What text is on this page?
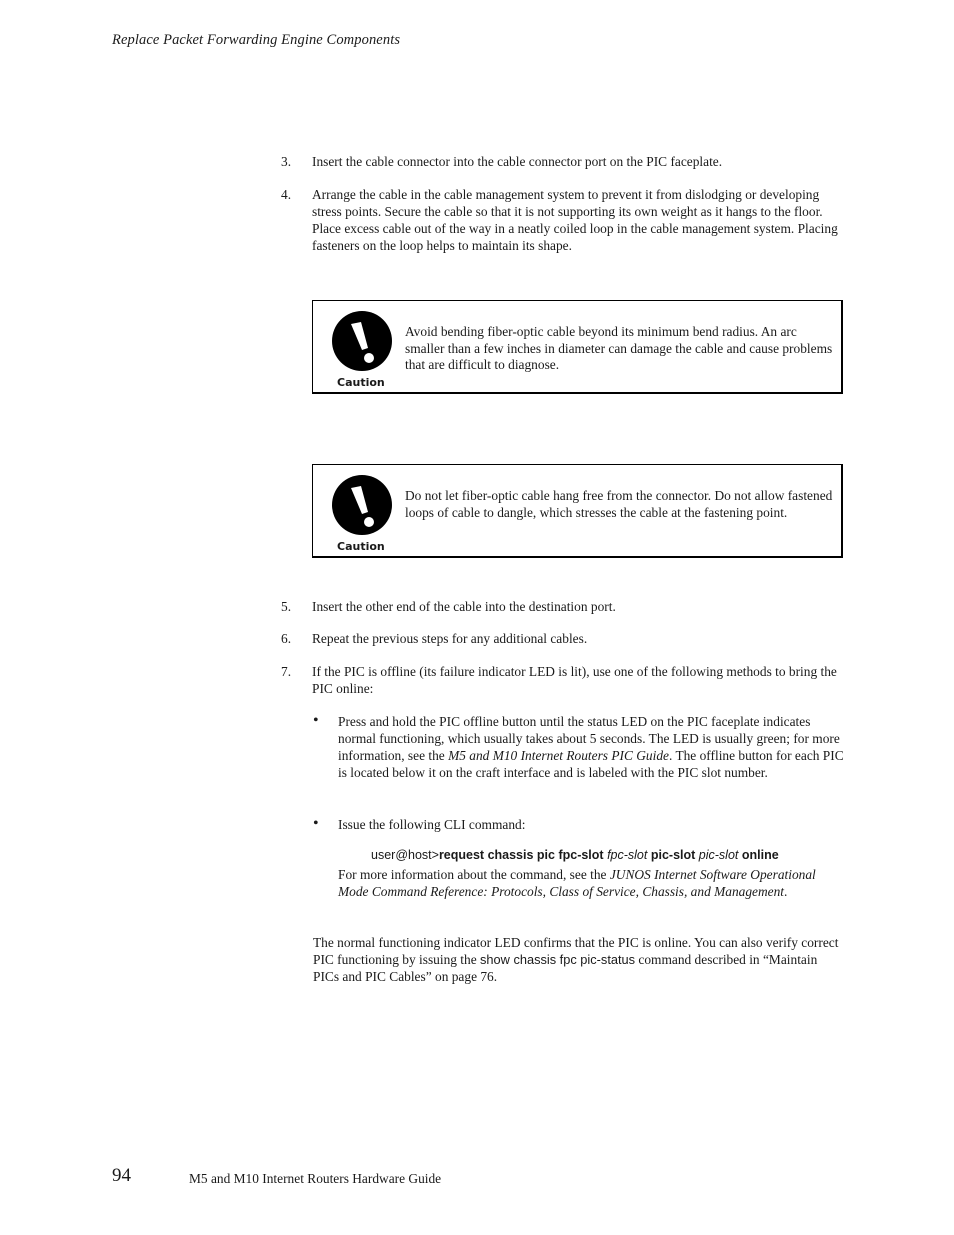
Replace Packet Forwarding Engine Components
3.	Insert the cable connector into the cable connector port on the PIC faceplate.
4.	Arrange the cable in the cable management system to prevent it from dislodging or developing stress points. Secure the cable so that it is not supporting its own weight as it hangs to the floor. Place excess cable out of the way in a neatly coiled loop in the cable management system. Placing fasteners on the loop helps to maintain its shape.
Caution
Avoid bending fiber-optic cable beyond its minimum bend radius. An arc smaller than a few inches in diameter can damage the cable and cause problems that are difficult to diagnose.
Caution
Do not let fiber-optic cable hang free from the connector. Do not allow fastened loops of cable to dangle, which stresses the cable at the fastening point.
5.	Insert the other end of the cable into the destination port.
6.	Repeat the previous steps for any additional cables.
7.	If the PIC is offline (its failure indicator LED is lit), use one of the following methods to bring the PIC online:
• Press and hold the PIC offline button until the status LED on the PIC faceplate indicates normal functioning, which usually takes about 5 seconds. The LED is usually green; for more information, see the M5 and M10 Internet Routers PIC Guide. The offline button for each PIC is located below it on the craft interface and is labeled with the PIC slot number.
• Issue the following CLI command:
user@host>request chassis pic fpc-slot fpc-slot pic-slot pic-slot online
For more information about the command, see the JUNOS Internet Software Operational Mode Command Reference: Protocols, Class of Service, Chassis, and Management.
The normal functioning indicator LED confirms that the PIC is online. You can also verify correct PIC functioning by issuing the show chassis fpc pic-status command described in “Maintain PICs and PIC Cables” on page 76.
94	M5 and M10 Internet Routers Hardware Guide
